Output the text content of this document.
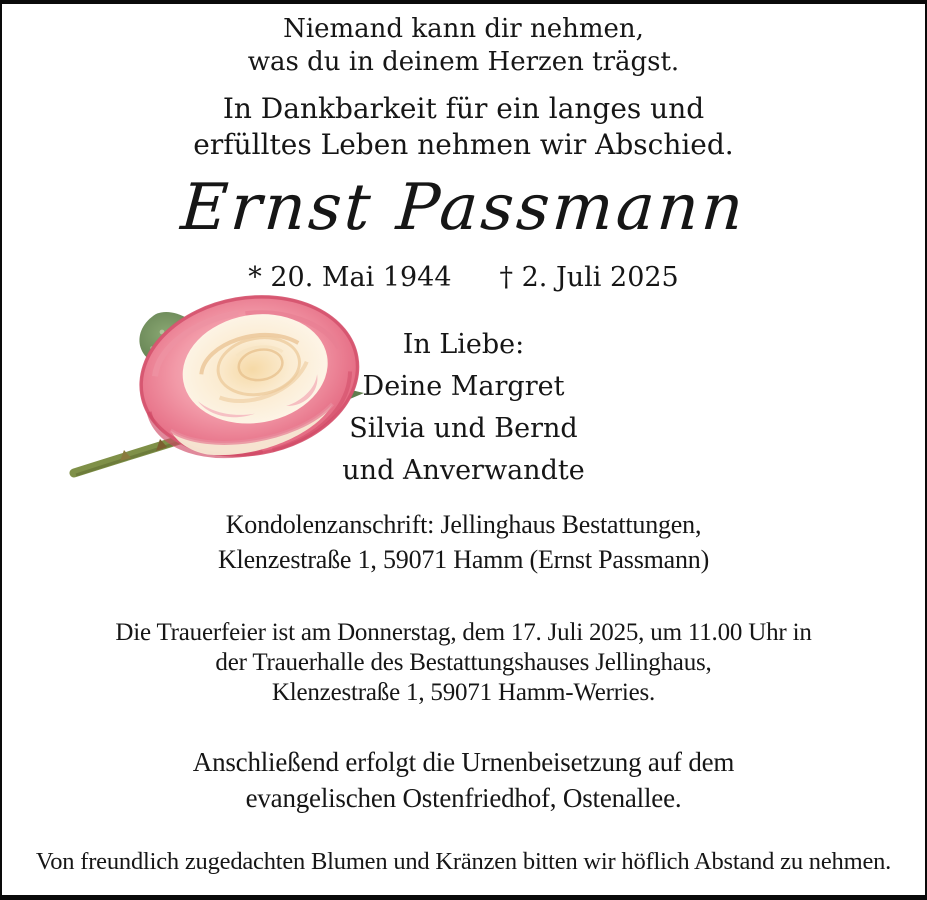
Niemand kann dir nehmen,
was du in deinem Herzen trägst.
In Dankbarkeit für ein langes und
erfülltes Leben nehmen wir Abschied.
Ernst Passmann
* 20. Mai 1944 † 2. Juli 2025
In Liebe:
Deine Margret
Silvia und Bernd
und Anverwandte
Kondolenzanschrift: Jellinghaus Bestattungen,
Klenzestraße 1, 59071 Hamm (Ernst Passmann)
Die Trauerfeier ist am Donnerstag, dem 17. Juli 2025, um 11.00 Uhr in
der Trauerhalle des Bestattungshauses Jellinghaus,
Klenzestraße 1, 59071 Hamm-Werries.
Anschließend erfolgt die Urnenbeisetzung auf dem
evangelischen Ostenfriedhof, Ostenallee.
Von freundlich zugedachten Blumen und Kränzen bitten wir höflich Abstand zu nehmen.
